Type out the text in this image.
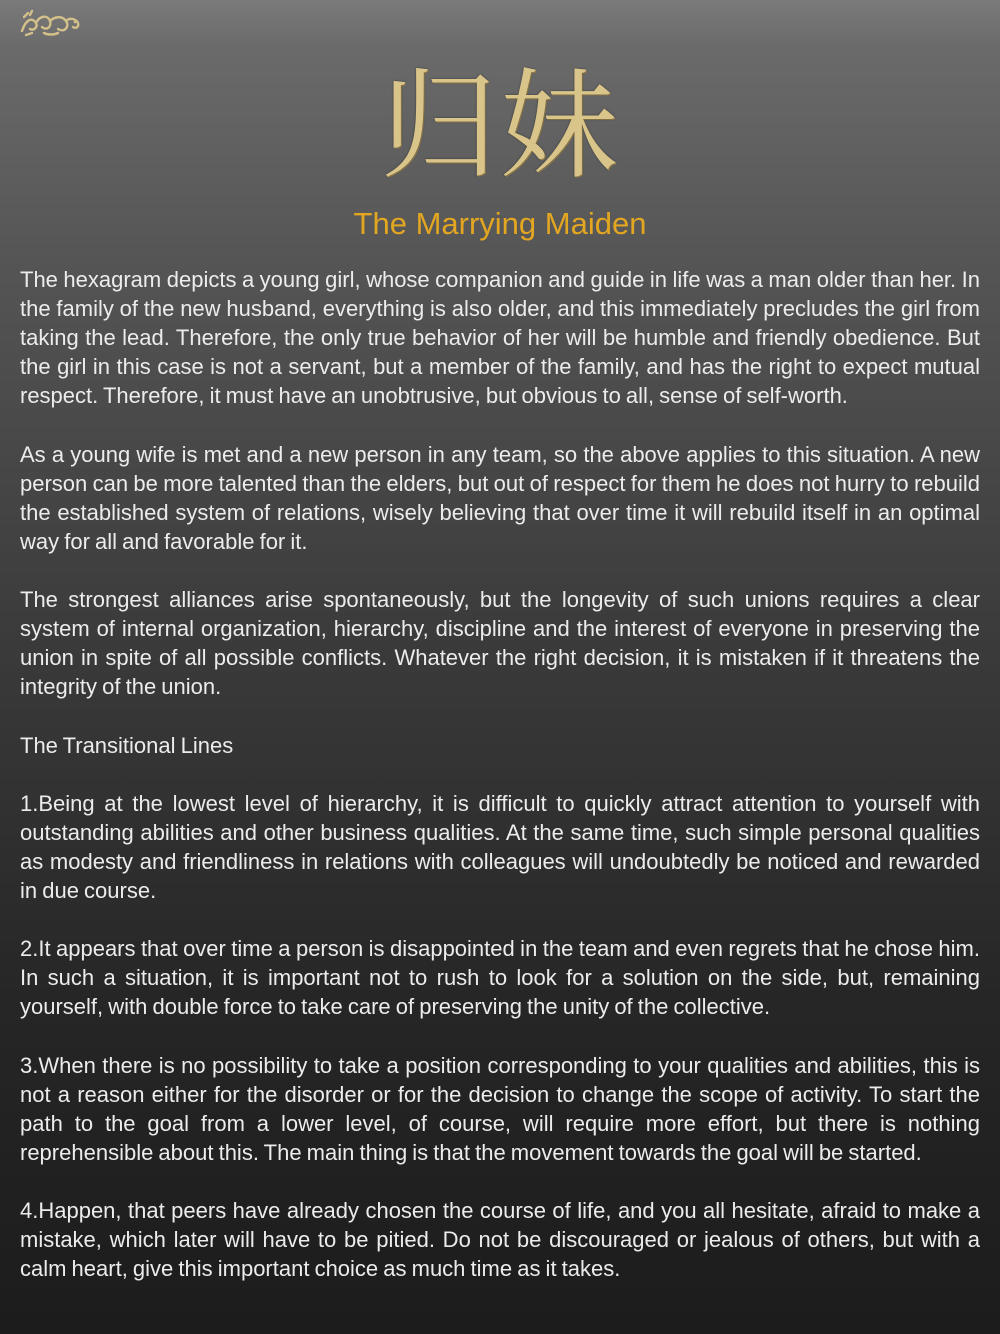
归妹
The Marrying Maiden

The hexagram depicts a young girl, whose companion and guide in life was a man older than her. In the family of the new husband, everything is also older, and this immediately precludes the girl from taking the lead. Therefore, the only true behavior of her will be humble and friendly obedience. But the girl in this case is not a servant, but a member of the family, and has the right to expect mutual respect. Therefore, it must have an unobtrusive, but obvious to all, sense of self-worth.

As a young wife is met and a new person in any team, so the above applies to this situation. A new person can be more talented than the elders, but out of respect for them he does not hurry to rebuild the established system of relations, wisely believing that over time it will rebuild itself in an optimal way for all and favorable for it.

The strongest alliances arise spontaneously, but the longevity of such unions requires a clear system of internal organization, hierarchy, discipline and the interest of everyone in preserving the union in spite of all possible conflicts. Whatever the right decision, it is mistaken if it threatens the integrity of the union.

The Transitional Lines

1.Being at the lowest level of hierarchy, it is difficult to quickly attract attention to yourself with outstanding abilities and other business qualities. At the same time, such simple personal qualities as modesty and friendliness in relations with colleagues will undoubtedly be noticed and rewarded in due course.

2.It appears that over time a person is disappointed in the team and even regrets that he chose him. In such a situation, it is important not to rush to look for a solution on the side, but, remaining yourself, with double force to take care of preserving the unity of the collective.

3.When there is no possibility to take a position corresponding to your qualities and abilities, this is not a reason either for the disorder or for the decision to change the scope of activity. To start the path to the goal from a lower level, of course, will require more effort, but there is nothing reprehensible about this. The main thing is that the movement towards the goal will be started.

4.Happen, that peers have already chosen the course of life, and you all hesitate, afraid to make a mistake, which later will have to be pitied. Do not be discouraged or jealous of others, but with a calm heart, give this important choice as much time as it takes.
